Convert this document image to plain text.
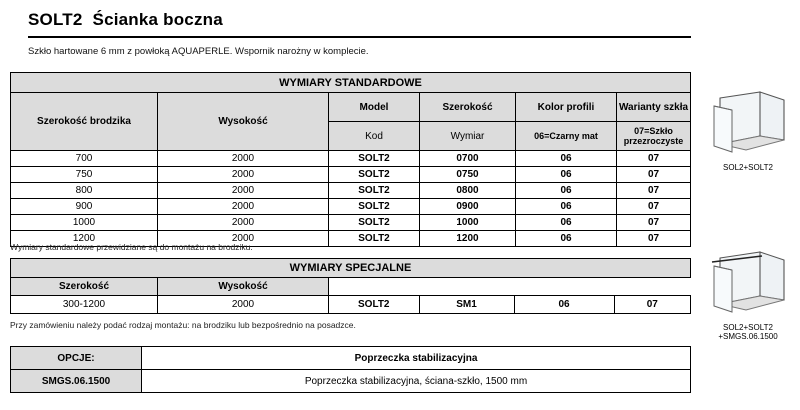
SOLT2 Ścianka boczna
Szkło hartowane 6 mm z powłoką AQUAPERLE. Wspornik narożny w komplecie.
WYMIARY STANDARDOWE					

Szerokość brodzika	Wysokość	Model	Szerokość	Kolor profili	Warianty szkła
		Kod	Wymiar	06=Czarny mat	07=Szkło przezroczyste
700	2000	SOLT2	0700	06	07
750	2000	SOLT2	0750	06	07
800	2000	SOLT2	0800	06	07
900	2000	SOLT2	0900	06	07
1000	2000	SOLT2	1000	06	07
1200	2000	SOLT2	1200	06	07
Wymiary standardowe przewidziane są do montażu na brodziku.
WYMIARY SPECJALNE					
Szerokość	Wysokość				
300-1200	2000	SOLT2	SM1	06	07
Przy zamówieniu należy podać rodzaj montażu: na brodziku lub bezpośrednio na posadzce.
OPCJE:	Poprzeczka stabilizacyjna
SMGS.06.1500	Poprzeczka stabilizacyjna, ściana-szkło, 1500 mm
SOL2+SOLT2
SOL2+SOLT2
+SMGS.06.1500
